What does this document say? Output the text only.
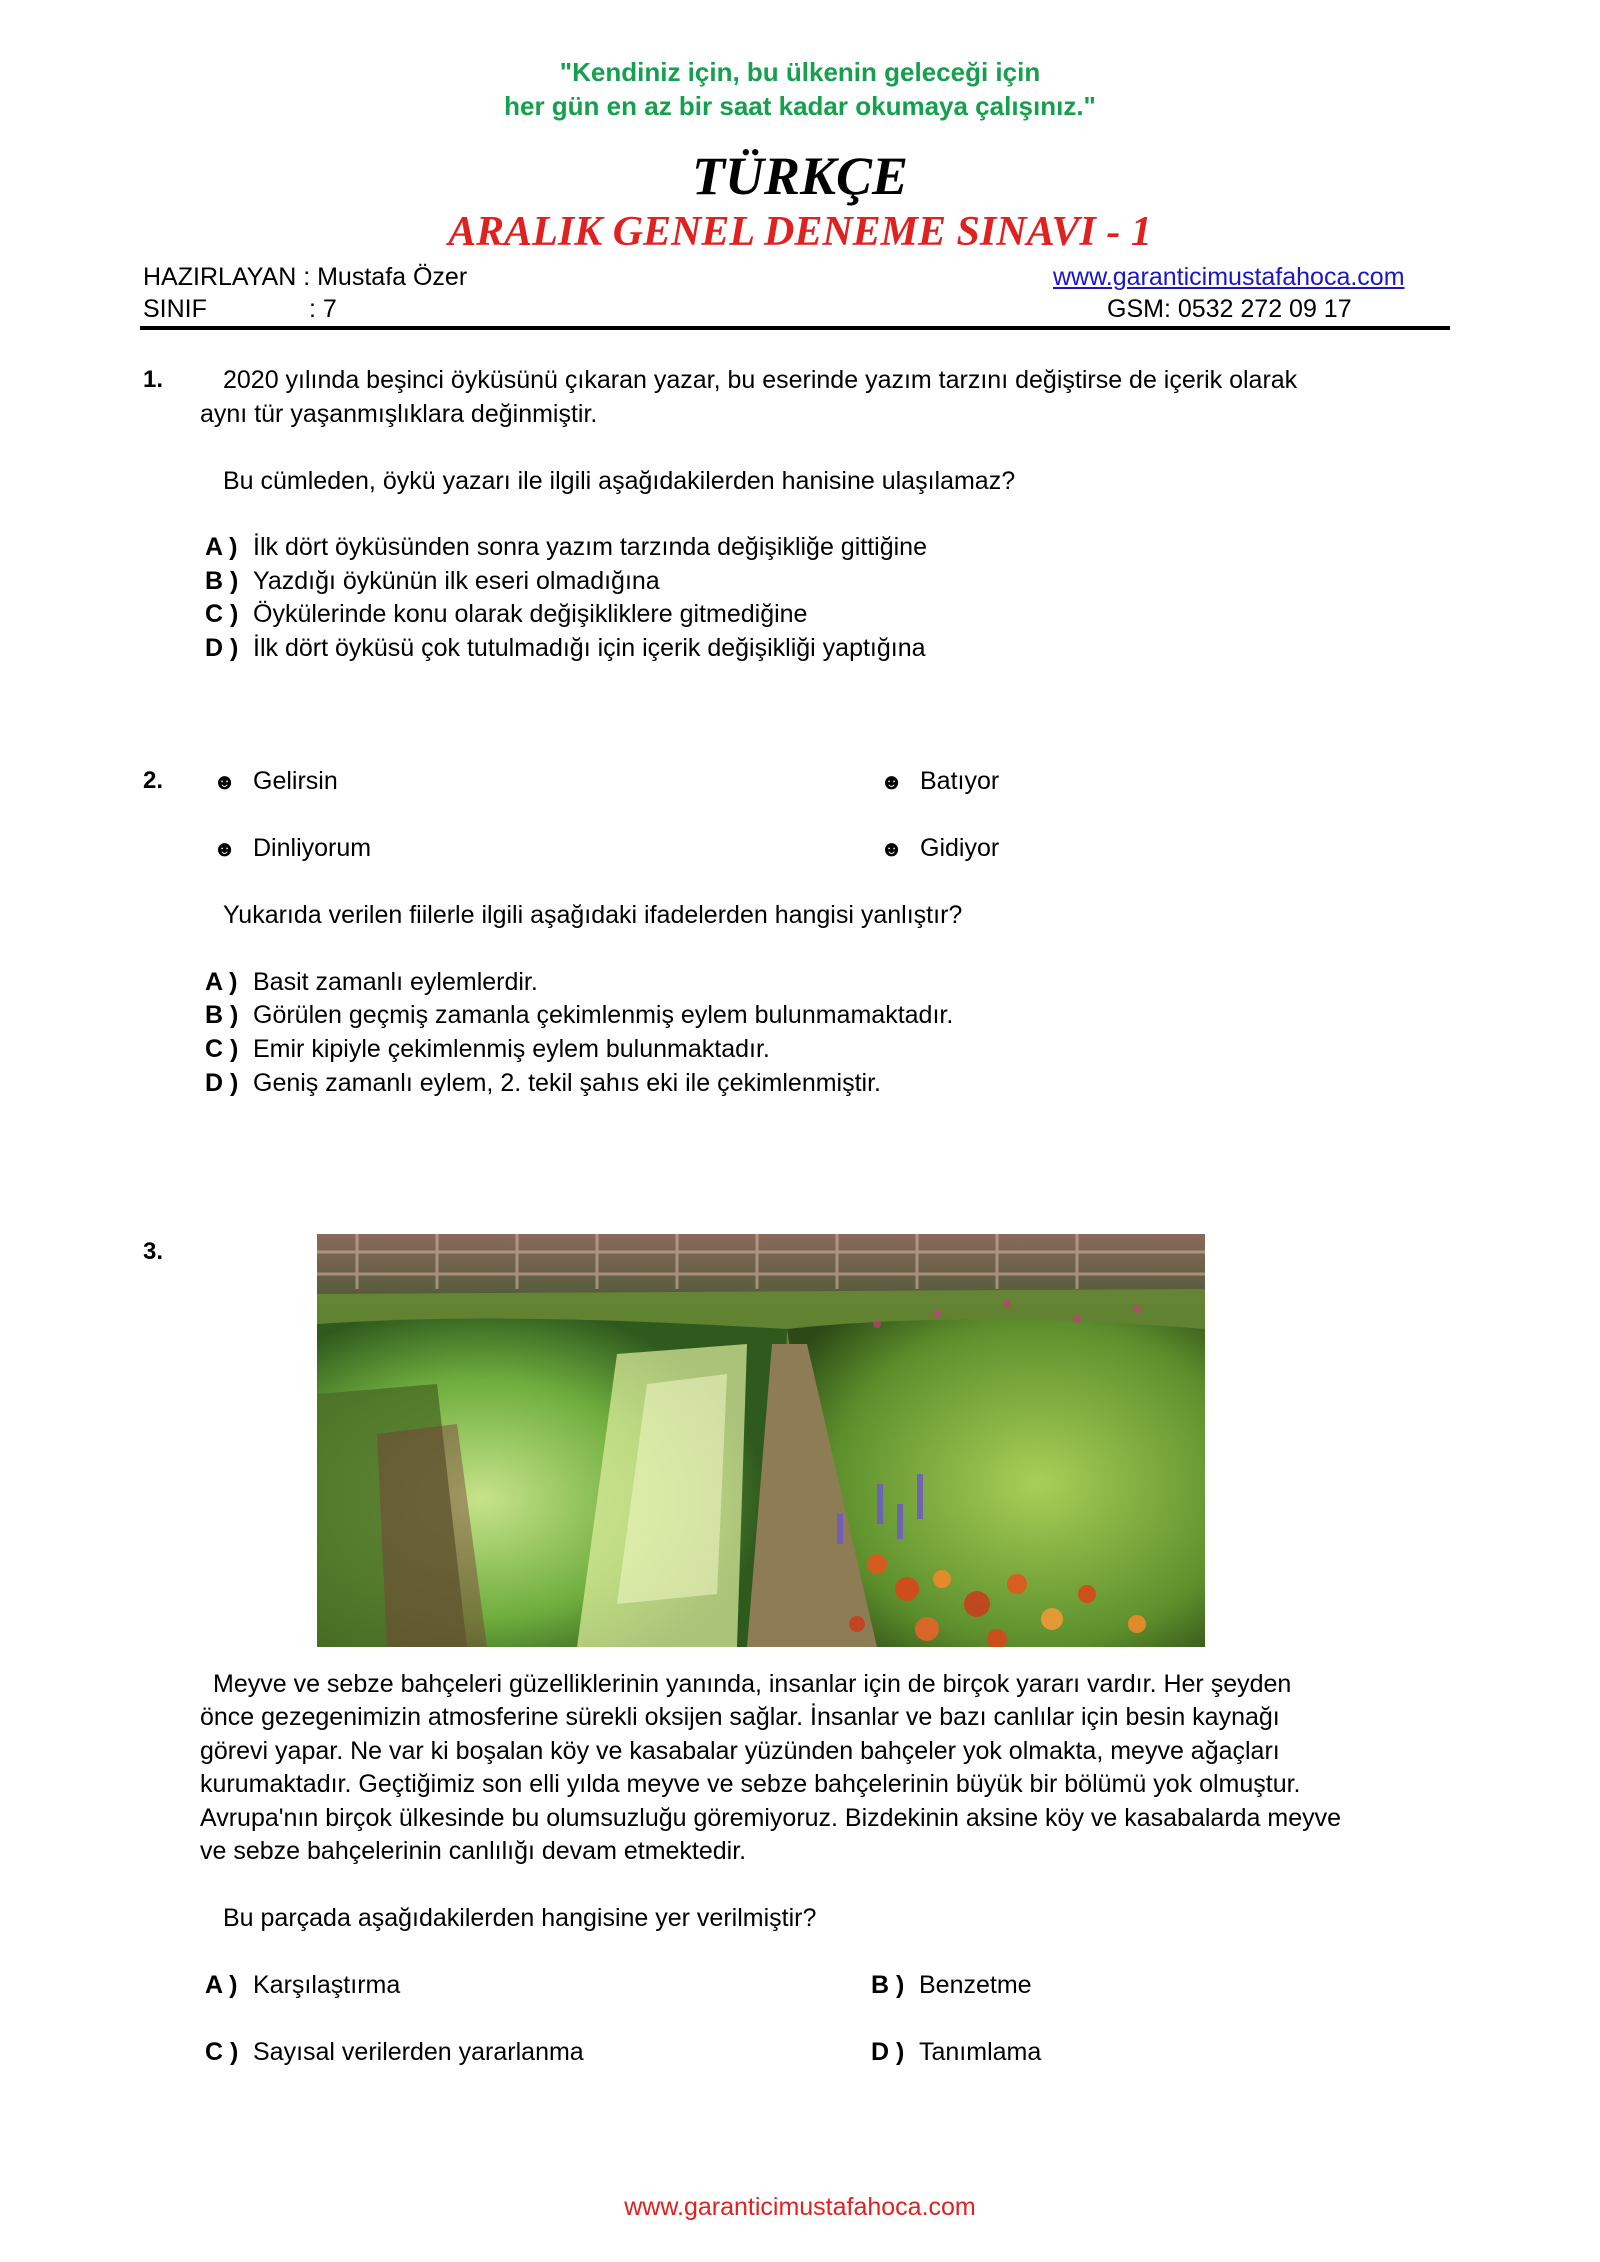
"Kendiniz için, bu ülkenin geleceği için
her gün en az bir saat kadar okumaya çalışınız."
TÜRKÇE
ARALIK GENEL DENEME SINAVI - 1
HAZIRLAYAN : Mustafa Özer	www.garanticimustafahoca.com
SINIF	: 7	GSM: 0532 272 09 17
1. 2020 yılında beşinci öyküsünü çıkaran yazar, bu eserinde yazım tarzını değiştirse de içerik olarak
aynı tür yaşanmışlıklara değinmiştir.
Bu cümleden, öykü yazarı ile ilgili aşağıdakilerden hanisine ulaşılamaz?
A ) İlk dört öyküsünden sonra yazım tarzında değişikliğe gittiğine
B ) Yazdığı öykünün ilk eseri olmadığına
C ) Öykülerinde konu olarak değişikliklere gitmediğine
D ) İlk dört öyküsü çok tutulmadığı için içerik değişikliği yaptığına
2. ☻ Gelirsin	☻ Batıyor
☻ Dinliyorum	☻ Gidiyor
Yukarıda verilen fiilerle ilgili aşağıdaki ifadelerden hangisi yanlıştır?
A ) Basit zamanlı eylemlerdir.
B ) Görülen geçmiş zamanla çekimlenmiş eylem bulunmamaktadır.
C ) Emir kipiyle çekimlenmiş eylem bulunmaktadır.
D ) Geniş zamanlı eylem, 2. tekil şahıs eki ile çekimlenmiştir.
3.
Meyve ve sebze bahçeleri güzelliklerinin yanında, insanlar için de birçok yararı vardır. Her şeyden
önce gezegenimizin atmosferine sürekli oksijen sağlar. İnsanlar ve bazı canlılar için besin kaynağı
görevi yapar. Ne var ki boşalan köy ve kasabalar yüzünden bahçeler yok olmakta, meyve ağaçları
kurumaktadır. Geçtiğimiz son elli yılda meyve ve sebze bahçelerinin büyük bir bölümü yok olmuştur.
Avrupa'nın birçok ülkesinde bu olumsuzluğu göremiyoruz. Bizdekinin aksine köy ve kasabalarda meyve
ve sebze bahçelerinin canlılığı devam etmektedir.
Bu parçada aşağıdakilerden hangisine yer verilmiştir?
A ) Karşılaştırma	B ) Benzetme
C ) Sayısal verilerden yararlanma	D ) Tanımlama
www.garanticimustafahoca.com
